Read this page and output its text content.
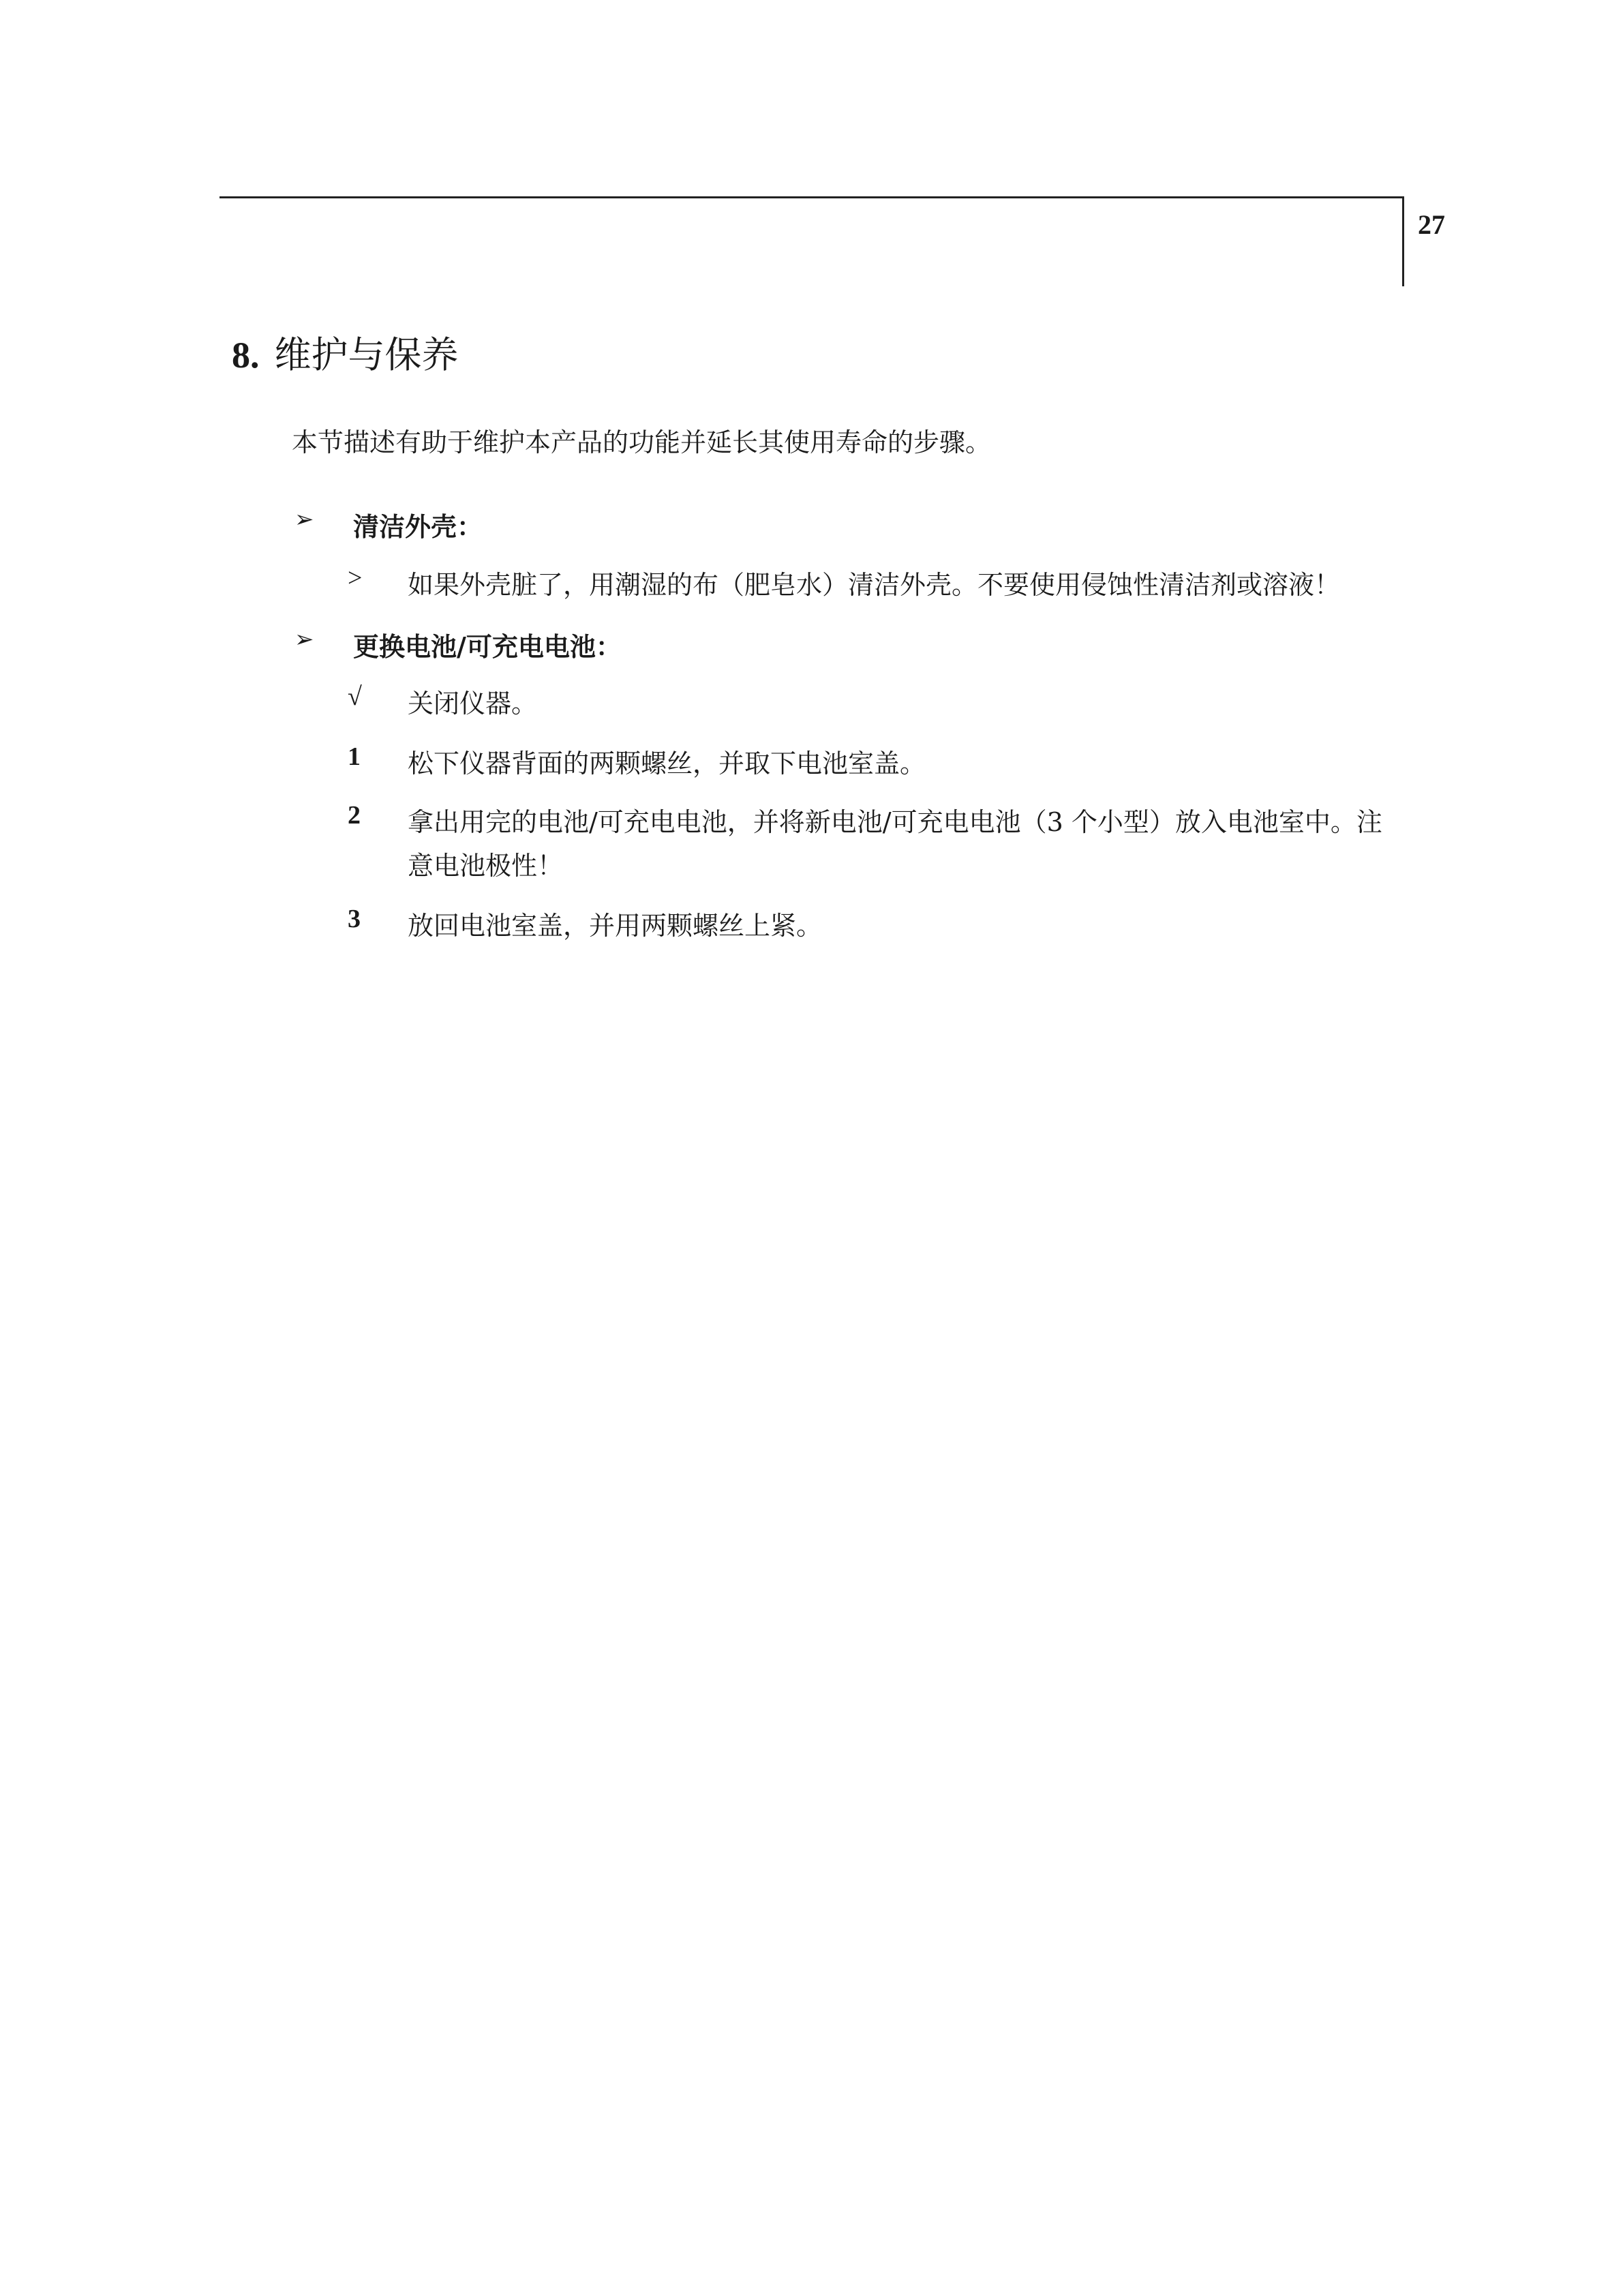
27
8. 维护与保养
本节描述有助于维护本产品的功能并延长其使用寿命的步骤。
➢	清洁外壳：
>	如果外壳脏了，用潮湿的布（肥皂水）清洁外壳。不要使用侵蚀性清洁剂或溶液！
➢	更换电池/可充电电池：
√	关闭仪器。
1	松下仪器背面的两颗螺丝，并取下电池室盖。
2	拿出用完的电池/可充电电池，并将新电池/可充电电池（3 个小型）放入电池室中。注意电池极性！
3	放回电池室盖，并用两颗螺丝上紧。
